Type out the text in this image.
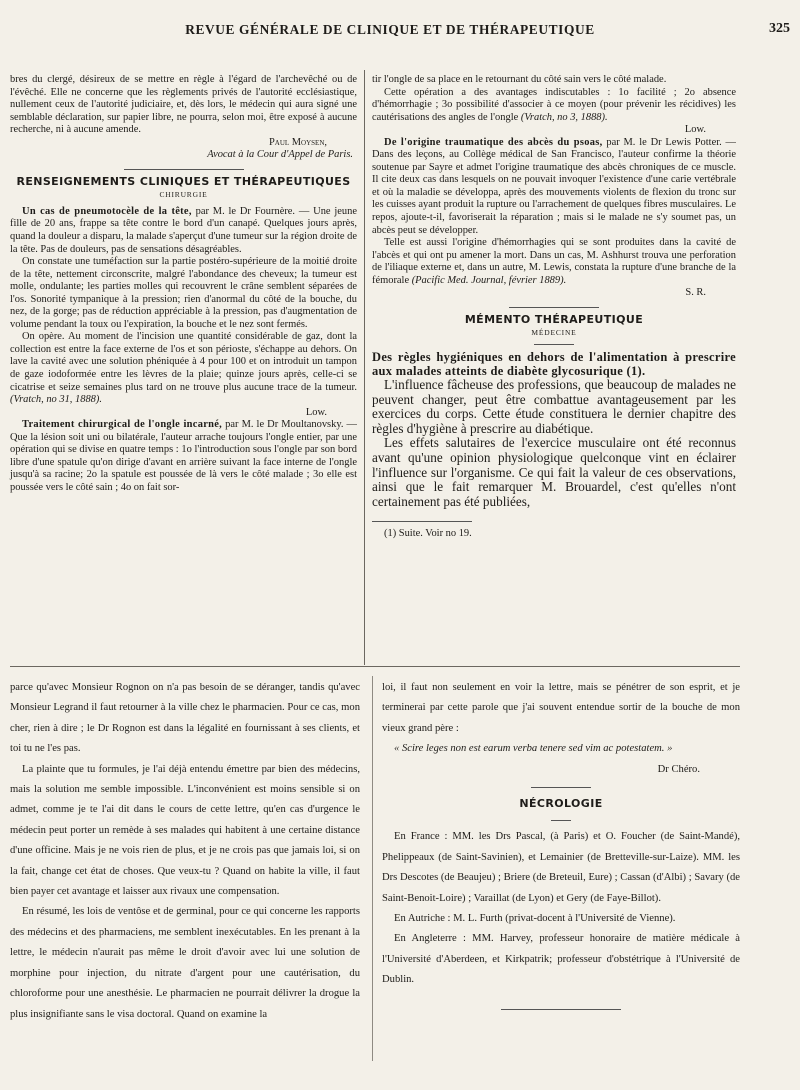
REVUE GÉNÉRALE DE CLINIQUE ET DE THÉRAPEUTIQUE	325

bres du clergé, désireux de se mettre en règle à l'égard de l'archevêché ou de l'évêché. Elle ne concerne que les règlements privés de l'autorité ecclésiastique, nullement ceux de l'autorité judiciaire, et, dès lors, le médecin qui aura signé une semblable déclaration, sur papier libre, ne pourra, selon moi, être exposé à aucune recherche, ni à aucune amende.

Paul Moysen,
Avocat à la Cour d'Appel de Paris.
RENSEIGNEMENTS CLINIQUES ET THÉRAPEUTIQUES
CHIRURGIE

Un cas de pneumotocèle de la tête, par M. le Dr Fournère. — Une jeune fille de 20 ans, frappe sa tête contre le bord d'un canapé. Quelques jours après, quand la douleur a disparu, la malade s'aperçut d'une tumeur sur la région droite de la tête. Pas de douleurs, pas de sensations désagréables.

On constate une tuméfaction sur la partie postéro-supérieure de la moitié droite de la tête, nettement circonscrite, malgré l'abondance des cheveux; la tumeur est molle, ondulante; les parties molles qui recouvrent le crâne semblent séparées de l'os. Sonorité tympanique à la pression; rien d'anormal du côté de la bouche, du nez, de la gorge; pas de réduction appréciable à la pression, pas d'augmentation de volume pendant la toux ou l'expiration, la bouche et le nez sont fermés.

On opère. Au moment de l'incision une quantité considérable de gaz, dont la collection est entre la face externe de l'os et son périoste, s'échappe au dehors. On lave la cavité avec une solution phéniquée à 4 pour 100 et on introduit un tampon de gaze iodoformée entre les lèvres de la plaie; quinze jours après, celle-ci se cicatrise et seize semaines plus tard on ne trouve plus aucune trace de la tumeur. (Vratch, no 31, 1888).

Low.

Traitement chirurgical de l'ongle incarné, par M. le Dr Moultanovsky. — Que la lésion soit uni ou bilatérale, l'auteur arrache toujours l'ongle entier, par une opération qui se divise en quatre temps : 1o l'introduction sous l'ongle par son bord libre d'une spatule qu'on dirige d'avant en arrière suivant la face interne de l'ongle jusqu'à sa racine; 2o la spatule est poussée de là vers le côté malade ; 3o elle est poussée vers le côté sain ; 4o on fait sor-

tir l'ongle de sa place en le retournant du côté sain vers le côté malade.

Cette opération a des avantages indiscutables : 1o facilité ; 2o absence d'hémorrhagie ; 3o possibilité d'associer à ce moyen (pour prévenir les récidives) les cautérisations des angles de l'ongle (Vratch, no 3, 1888).

Low.

De l'origine traumatique des abcès du psoas, par M. le Dr Lewis Potter. — Dans des leçons, au Collège médical de San Francisco, l'auteur confirme la théorie soutenue par Sayre et admet l'origine traumatique des abcès chroniques de ce muscle. Il cite deux cas dans lesquels on ne pouvait invoquer l'existence d'une carie vertébrale et où la maladie se développa, après des mouvements violents de flexion du tronc sur les cuisses ayant produit la rupture ou l'arrachement de quelques fibres musculaires. Le repos, ajoute-t-il, favoriserait la réparation ; mais si le malade ne s'y soumet pas, un abcès peut se développer.

Telle est aussi l'origine d'hémorrhagies qui se sont produites dans la cavité de l'abcès et qui ont pu amener la mort. Dans un cas, M. Ashhurst trouva une perforation de l'iliaque externe et, dans un autre, M. Lewis, constata la rupture d'une branche de la fémorale (Pacific Med. Journal, février 1889).

S. R.
MÉMENTO THÉRAPEUTIQUE
MÉDECINE

Des règles hygiéniques en dehors de l'alimentation à prescrire aux malades atteints de diabète glycosurique (1).

L'influence fâcheuse des professions, que beaucoup de malades ne peuvent changer, peut être combattue avantageusement par les exercices du corps. Cette étude constituera le dernier chapitre des règles d'hygiène à prescrire au diabétique.

Les effets salutaires de l'exercice musculaire ont été reconnus avant qu'une opinion physiologique quelconque vint en éclairer l'influence sur l'organisme. Ce qui fait la valeur de ces observations, ainsi que le fait remarquer M. Brouardel, c'est qu'elles n'ont certainement pas été publiées,

(1) Suite. Voir no 19.

parce qu'avec Monsieur Rognon on n'a pas besoin de se déranger, tandis qu'avec Monsieur Legrand il faut retourner à la ville chez le pharmacien. Pour ce cas, mon cher, rien à dire ; le Dr Rognon est dans la légalité en fournissant à ses clients, et toi tu ne l'es pas.

La plainte que tu formules, je l'ai déjà entendu émettre par bien des médecins, mais la solution me semble impossible. L'inconvénient est moins sensible si on admet, comme je te l'ai dit dans le cours de cette lettre, qu'en cas d'urgence le médecin peut porter un remède à ses malades qui habitent à une certaine distance d'une officine. Mais je ne vois rien de plus, et je ne crois pas que jamais loi, si on la fait, change cet état de choses. Que veux-tu ? Quand on habite la ville, il faut bien payer cet avantage et laisser aux rivaux une compensation.

En résumé, les lois de ventôse et de germinal, pour ce qui concerne les rapports des médecins et des pharmaciens, me semblent inexécutables. En les prenant à la lettre, le médecin n'aurait pas même le droit d'avoir avec lui une solution de morphine pour injection, du nitrate d'argent pour une cautérisation, du chloroforme pour une anesthésie. Le pharmacien ne pourrait délivrer la drogue la plus insignifiante sans le visa doctoral. Quand on examine la

loi, il faut non seulement en voir la lettre, mais se pénétrer de son esprit, et je terminerai par cette parole que j'ai souvent entendue sortir de la bouche de mon vieux grand père :

« Scire leges non est earum verba tenere sed vim ac potestatem. »

Dr Chéro.
NÉCROLOGIE

En France : MM. les Drs Pascal, (à Paris) et O. Foucher (de Saint-Mandé), Phelippeaux (de Saint-Savinien), et Lemainier (de Bretteville-sur-Laize). MM. les Drs Descotes (de Beaujeu) ; Briere (de Breteuil, Eure) ; Cassan (d'Albi) ; Savary (de Saint-Benoit-Loire) ; Varaillat (de Lyon) et Gery (de Faye-Billot).

En Autriche : M. L. Furth (privat-docent à l'Université de Vienne).

En Angleterre : MM. Harvey, professeur honoraire de matière médicale à l'Université d'Aberdeen, et Kirkpatrik; professeur d'obstétrique à l'Université de Dublin.
